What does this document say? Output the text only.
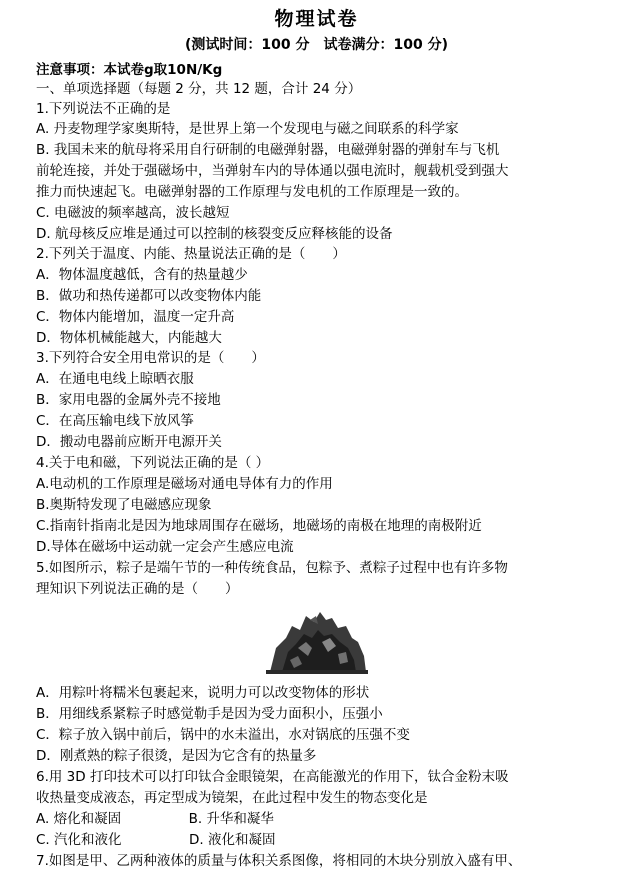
物理试卷
(测试时间：100 分　试卷满分：100 分)
注意事项：本试卷g取10N/Kg
一、单项选择题（每题 2 分，共 12 题，合计 24 分）
1.下列说法不正确的是
A. 丹麦物理学家奥斯特，是世界上第一个发现电与磁之间联系的科学家
B. 我国未来的航母将采用自行研制的电磁弹射器，电磁弹射器的弹射车与飞机
前轮连接，并处于强磁场中，当弹射车内的导体通以强电流时，舰载机受到强大
推力而快速起飞。电磁弹射器的工作原理与发电机的工作原理是一致的。
C. 电磁波的频率越高，波长越短
D. 航母核反应堆是通过可以控制的核裂变反应释核能的设备
2.下列关于温度、内能、热量说法正确的是（　　）
A．物体温度越低，含有的热量越少
B．做功和热传递都可以改变物体内能
C．物体内能增加，温度一定升高
D．物体机械能越大，内能越大
3.下列符合安全用电常识的是（　　）
A．在通电电线上晾晒衣服
B．家用电器的金属外壳不接地
C．在高压输电线下放风筝
D．搬动电器前应断开电源开关
4.关于电和磁，下列说法正确的是（ ）
A.电动机的工作原理是磁场对通电导体有力的作用
B.奥斯特发现了电磁感应现象
C.指南针指南北是因为地球周围存在磁场，地磁场的南极在地理的南极附近
D.导体在磁场中运动就一定会产生感应电流
5.如图所示，粽子是端午节的一种传统食品，包粽予、煮粽子过程中也有许多物
理知识下列说法正确的是（　　）
A．用粽叶将糯米包裹起来，说明力可以改变物体的形状
B．用细线系紧粽子时感觉勒手是因为受力面积小，压强小
C．粽子放入锅中前后，锅中的水未溢出，水对锅底的压强不变
D．刚煮熟的粽子很烫，是因为它含有的热量多
6.用 3D 打印技术可以打印钛合金眼镜架，在高能激光的作用下，钛合金粉末吸
收热量变成液态，再定型成为镜架，在此过程中发生的物态变化是
A. 熔化和凝固　　　　　B. 升华和凝华
C. 汽化和液化　　　　　D. 液化和凝固
7.如图是甲、乙两种液体的质量与体积关系图像，将相同的木块分别放入盛有甲、
